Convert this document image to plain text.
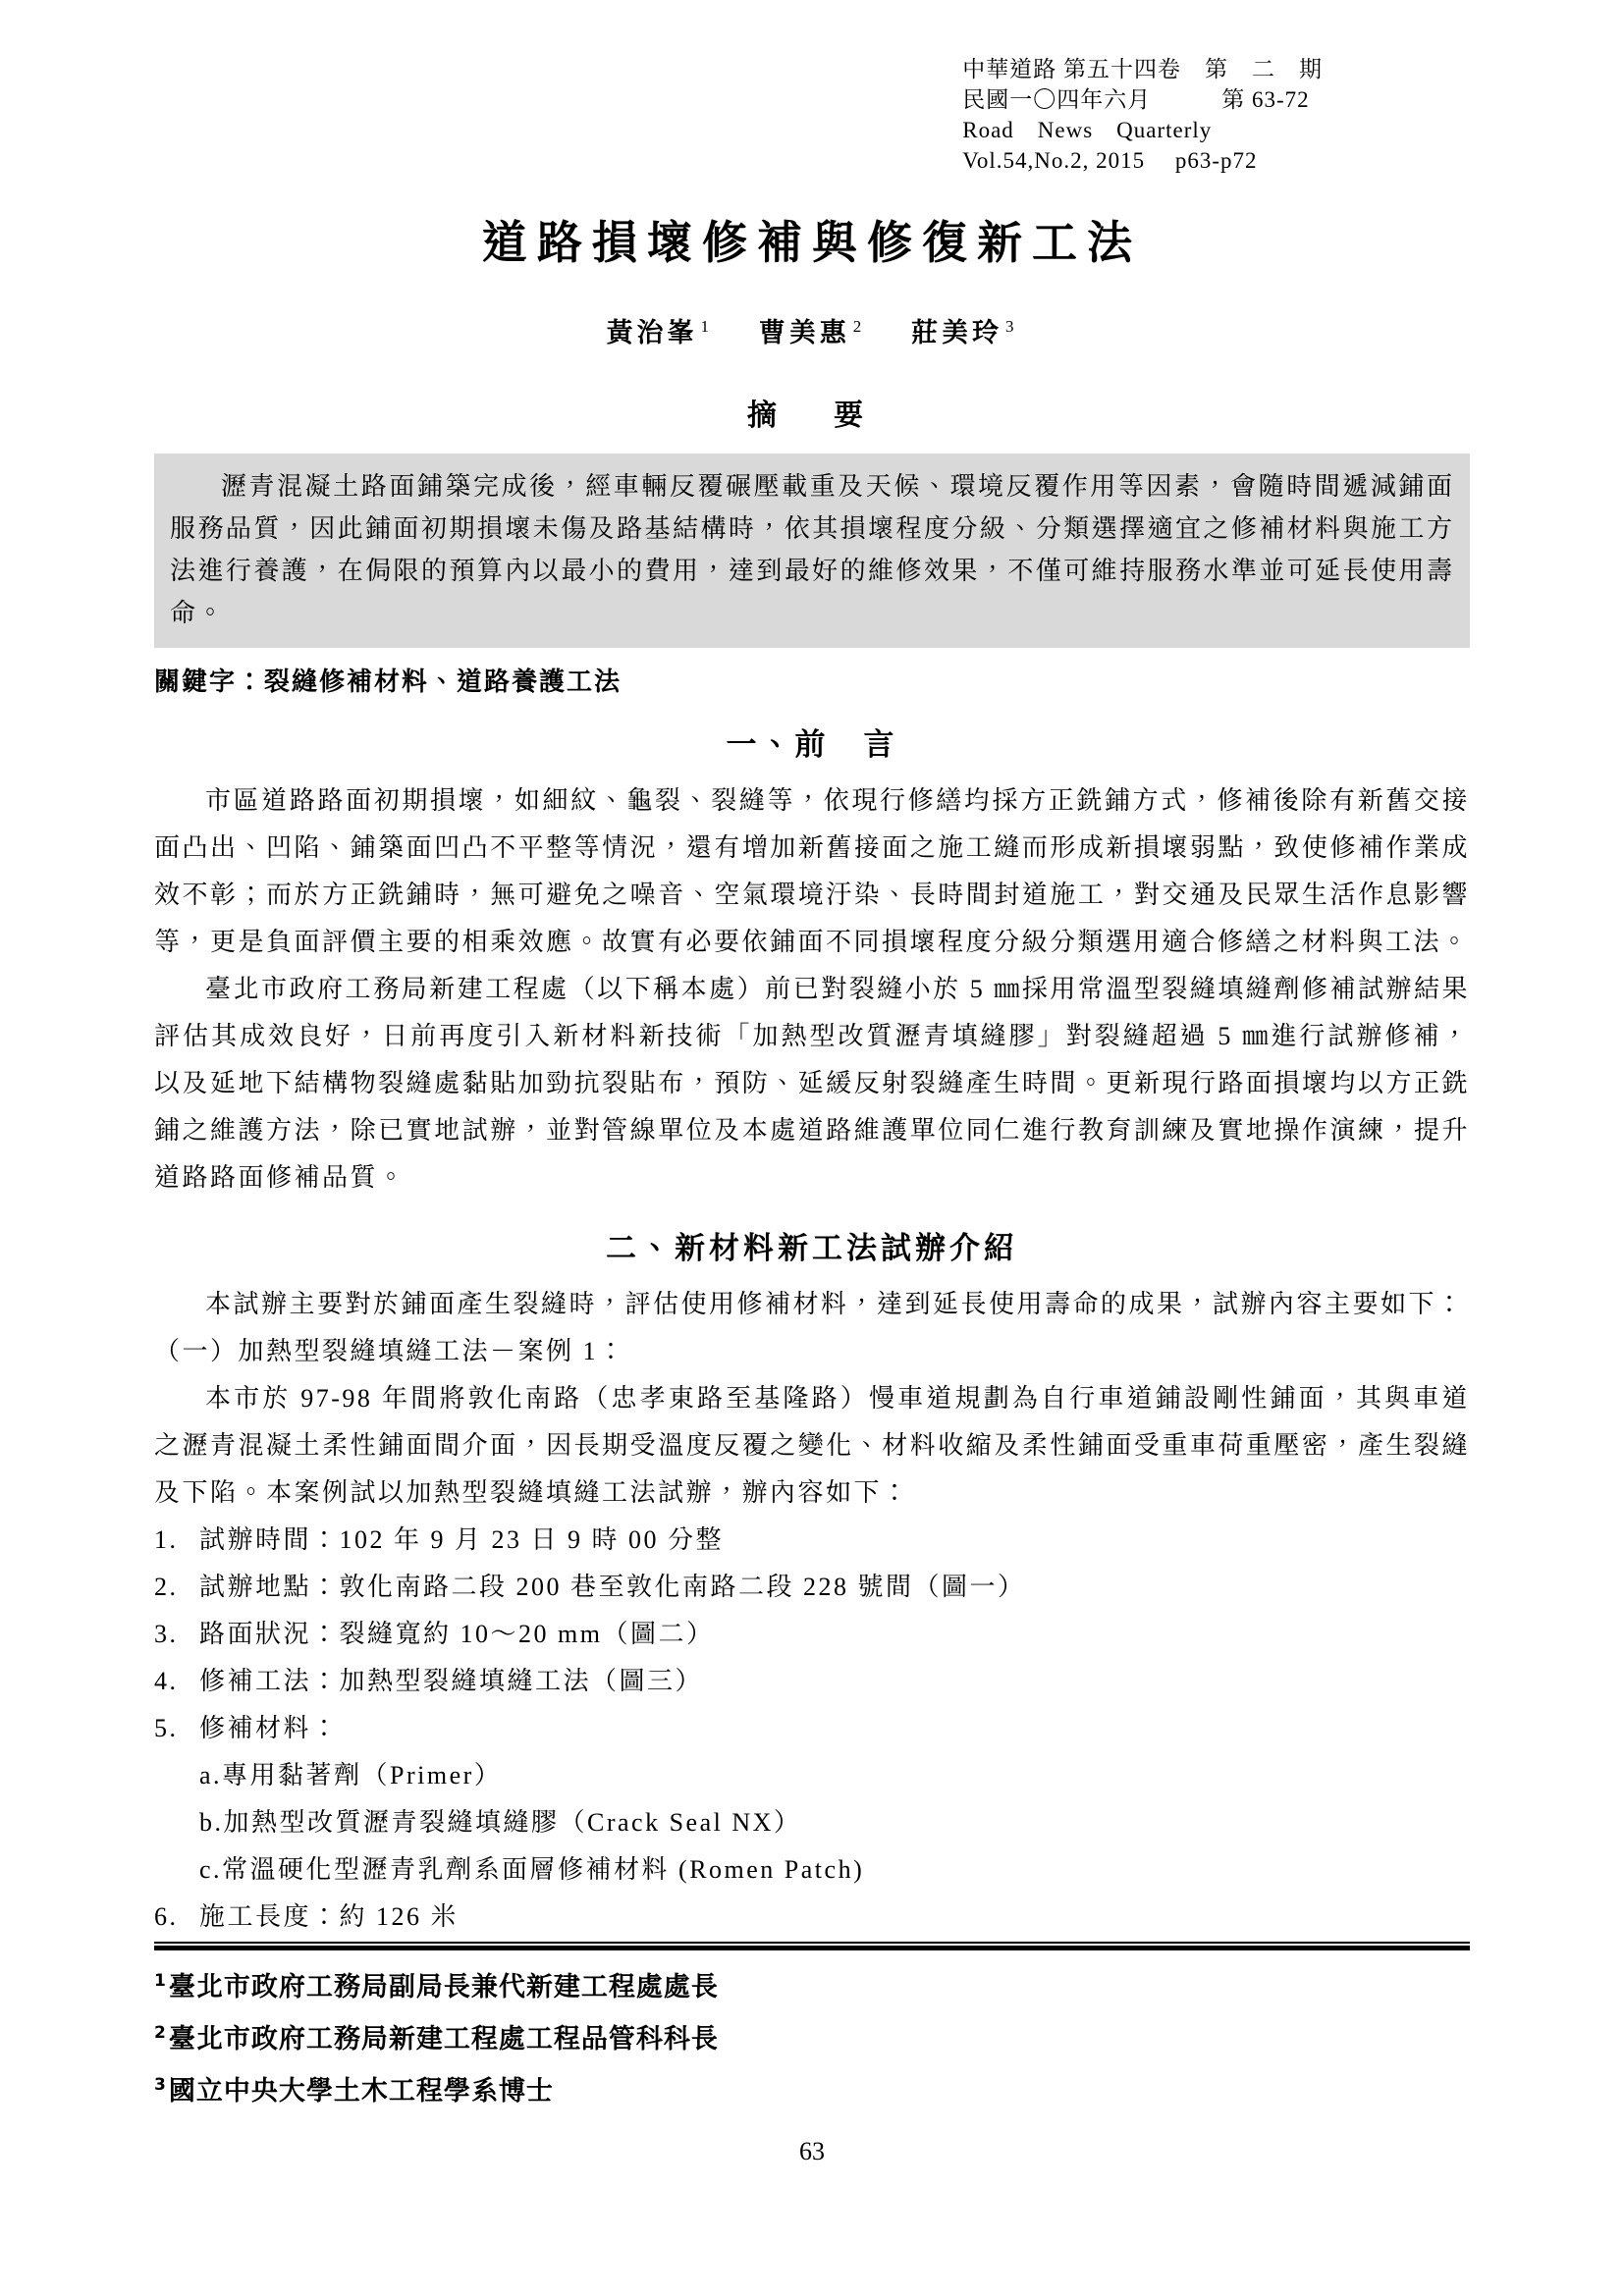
中華道路 第五十四卷　第　二　期
民國一〇四年六月　　　第 63-72
Road　News　Quarterly
Vol.54,No.2, 2015　 p63-p72
道路損壞修補與修復新工法
黃治峯 $^1$ 曹美惠 $^2$ 莊美玲 $^3$
摘　要

瀝青混凝土路面鋪築完成後，經車輛反覆碾壓載重及天候、環境反覆作用等因素，會隨時間遞減鋪面服務品質，因此鋪面初期損壞未傷及路基結構時，依其損壞程度分級、分類選擇適宜之修補材料與施工方法進行養護，在侷限的預算內以最小的費用，達到最好的維修效果，不僅可維持服務水準並可延長使用壽命。

關鍵字：裂縫修補材料、道路養護工法
一、前　言

市區道路路面初期損壞，如細紋、龜裂、裂縫等，依現行修繕均採方正銑鋪方式，修補後除有新舊交接面凸出、凹陷、鋪築面凹凸不平整等情況，還有增加新舊接面之施工縫而形成新損壞弱點，致使修補作業成效不彰；而於方正銑鋪時，無可避免之噪音、空氣環境汙染、長時間封道施工，對交通及民眾生活作息影響等，更是負面評價主要的相乘效應。故實有必要依鋪面不同損壞程度分級分類選用適合修繕之材料與工法。

臺北市政府工務局新建工程處（以下稱本處）前已對裂縫小於 5 ㎜採用常溫型裂縫填縫劑修補試辦結果評估其成效良好，日前再度引入新材料新技術「加熱型改質瀝青填縫膠」對裂縫超過 5 ㎜進行試辦修補，以及延地下結構物裂縫處黏貼加勁抗裂貼布，預防、延緩反射裂縫產生時間。更新現行路面損壞均以方正銑鋪之維護方法，除已實地試辦，並對管線單位及本處道路維護單位同仁進行教育訓練及實地操作演練，提升道路路面修補品質。

二、新材料新工法試辦介紹

本試辦主要對於鋪面產生裂縫時，評估使用修補材料，達到延長使用壽命的成果，試辦內容主要如下：

（一）加熱型裂縫填縫工法－案例 1：

本市於 97-98 年間將敦化南路（忠孝東路至基隆路）慢車道規劃為自行車道鋪設剛性鋪面，其與車道之瀝青混凝土柔性鋪面間介面，因長期受溫度反覆之變化、材料收縮及柔性鋪面受重車荷重壓密，產生裂縫及下陷。本案例試以加熱型裂縫填縫工法試辦，辦內容如下：

1. 試辦時間：102 年 9 月 23 日 9 時 00 分整
2. 試辦地點：敦化南路二段 200 巷至敦化南路二段 228 號間（圖一）
3. 路面狀況：裂縫寬約 10～20 mm（圖二）
4. 修補工法：加熱型裂縫填縫工法（圖三）
5. 修補材料：
a.專用黏著劑（Primer）
b.加熱型改質瀝青裂縫填縫膠（Crack Seal NX）
c.常溫硬化型瀝青乳劑系面層修補材料 (Romen Patch)
6. 施工長度：約 126 米
$^1$臺北市政府工務局副局長兼代新建工程處處長
$^2$臺北市政府工務局新建工程處工程品管科科長
$^3$國立中央大學土木工程學系博士
63
